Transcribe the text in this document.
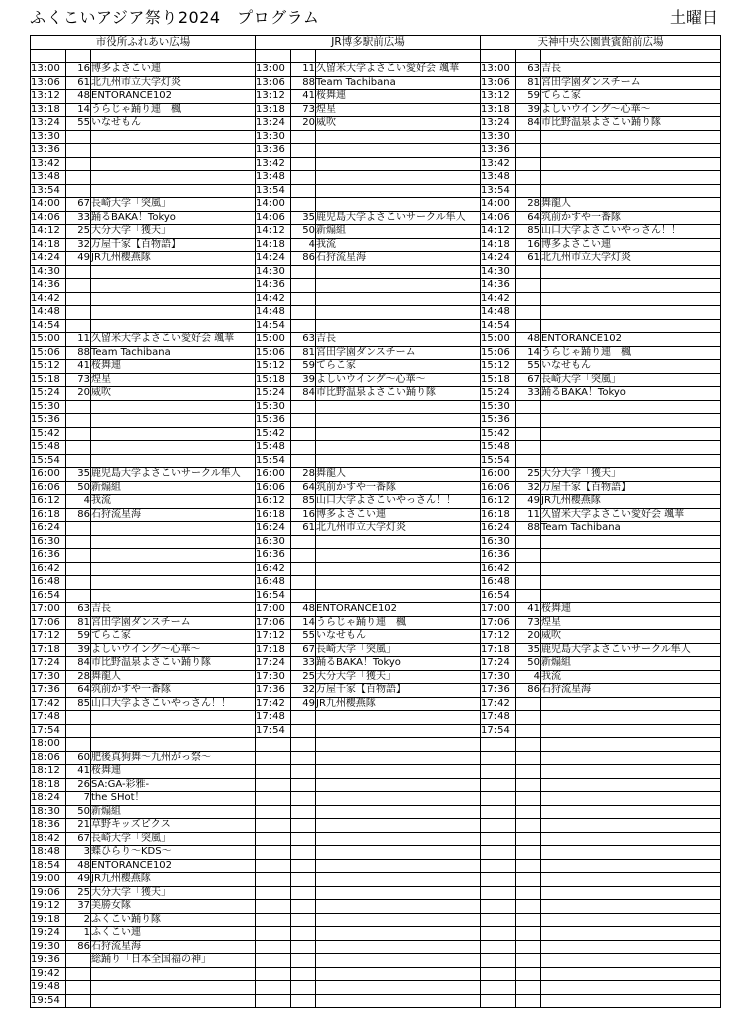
ふくこいアジア祭り2024　プログラム	土曜日
市役所ふれあい広場			JR博多駅前広場			天神中央公園貴賓館前広場		

13:00	16	博多よさこい連	13:00	11	久留米大学よさこい愛好会 颯華	13:00	63	吉長
13:06	61	北九州市立大学灯炎	13:06	88	Team Tachibana	13:06	81	宮田学園ダンスチーム
13:12	48	ENTORANCE102	13:12	41	桜舞連	13:12	59	てらこ家
13:18	14	うらじゃ踊り連　楓	13:18	73	煌星	13:18	39	よしいウイング～心華～
13:24	55	いなせもん	13:24	20	威吹	13:24	84	市比野温泉よさこい踊り隊
13:30			13:30			13:30		
13:36			13:36			13:36		
13:42			13:42			13:42		
13:48			13:48			13:48		
13:54			13:54			13:54		
14:00	67	長崎大学「突風」	14:00			14:00	28	舞龍人
14:06	33	踊るBAKA！Tokyo	14:06	35	鹿児島大学よさこいサークル隼人	14:06	64	筑前かすや一番隊
14:12	25	大分大学「獲天」	14:12	50	新煽組	14:12	85	山口大学よさこいやっさん！！
14:18	32	万屋千家【百物語】	14:18	4	我流	14:18	16	博多よさこい連
14:24	49	JR九州櫻燕隊	14:24	86	石狩流星海	14:24	61	北九州市立大学灯炎
14:30			14:30			14:30		
14:36			14:36			14:36		
14:42			14:42			14:42		
14:48			14:48			14:48		
14:54			14:54			14:54		
15:00	11	久留米大学よさこい愛好会 颯華	15:00	63	吉長	15:00	48	ENTORANCE102
15:06	88	Team Tachibana	15:06	81	宮田学園ダンスチーム	15:06	14	うらじゃ踊り連　楓
15:12	41	桜舞連	15:12	59	てらこ家	15:12	55	いなせもん
15:18	73	煌星	15:18	39	よしいウイング～心華～	15:18	67	長崎大学「突風」
15:24	20	威吹	15:24	84	市比野温泉よさこい踊り隊	15:24	33	踊るBAKA！Tokyo
15:30			15:30			15:30		
15:36			15:36			15:36		
15:42			15:42			15:42		
15:48			15:48			15:48		
15:54			15:54			15:54		
16:00	35	鹿児島大学よさこいサークル隼人	16:00	28	舞龍人	16:00	25	大分大学「獲天」
16:06	50	新煽組	16:06	64	筑前かすや一番隊	16:06	32	万屋千家【百物語】
16:12	4	我流	16:12	85	山口大学よさこいやっさん！！	16:12	49	JR九州櫻燕隊
16:18	86	石狩流星海	16:18	16	博多よさこい連	16:18	11	久留米大学よさこい愛好会 颯華
16:24			16:24	61	北九州市立大学灯炎	16:24	88	Team Tachibana
16:30			16:30			16:30		
16:36			16:36			16:36		
16:42			16:42			16:42		
16:48			16:48			16:48		
16:54			16:54			16:54		
17:00	63	吉長	17:00	48	ENTORANCE102	17:00	41	桜舞連
17:06	81	宮田学園ダンスチーム	17:06	14	うらじゃ踊り連　楓	17:06	73	煌星
17:12	59	てらこ家	17:12	55	いなせもん	17:12	20	威吹
17:18	39	よしいウイング～心華～	17:18	67	長崎大学「突風」	17:18	35	鹿児島大学よさこいサークル隼人
17:24	84	市比野温泉よさこい踊り隊	17:24	33	踊るBAKA！Tokyo	17:24	50	新煽組
17:30	28	舞龍人	17:30	25	大分大学「獲天」	17:30	4	我流
17:36	64	筑前かすや一番隊	17:36	32	万屋千家【百物語】	17:36	86	石狩流星海
17:42	85	山口大学よさこいやっさん！！	17:42	49	JR九州櫻燕隊	17:42		
17:48			17:48			17:48		
17:54			17:54			17:54		
18:00								
18:06	60	肥後真狗舞～九州がっ祭～						
18:12	41	桜舞連						
18:18	26	SA:GA-彩雅-						
18:24	7	the SHot！						
18:30	50	新煽組						
18:36	21	草野キッズピクス						
18:42	67	長崎大学「突風」						
18:48	3	蝶ひらり～KDS～						
18:54	48	ENTORANCE102						
19:00	49	JR九州櫻燕隊						
19:06	25	大分大学「獲天」						
19:12	37	美勝女隊						
19:18	2	ふくこい踊り隊						
19:24	1	ふくこい連						
19:30	86	石狩流星海						
19:36		総踊り「日本全国福の神」						
19:42								
19:48								
19:54								
